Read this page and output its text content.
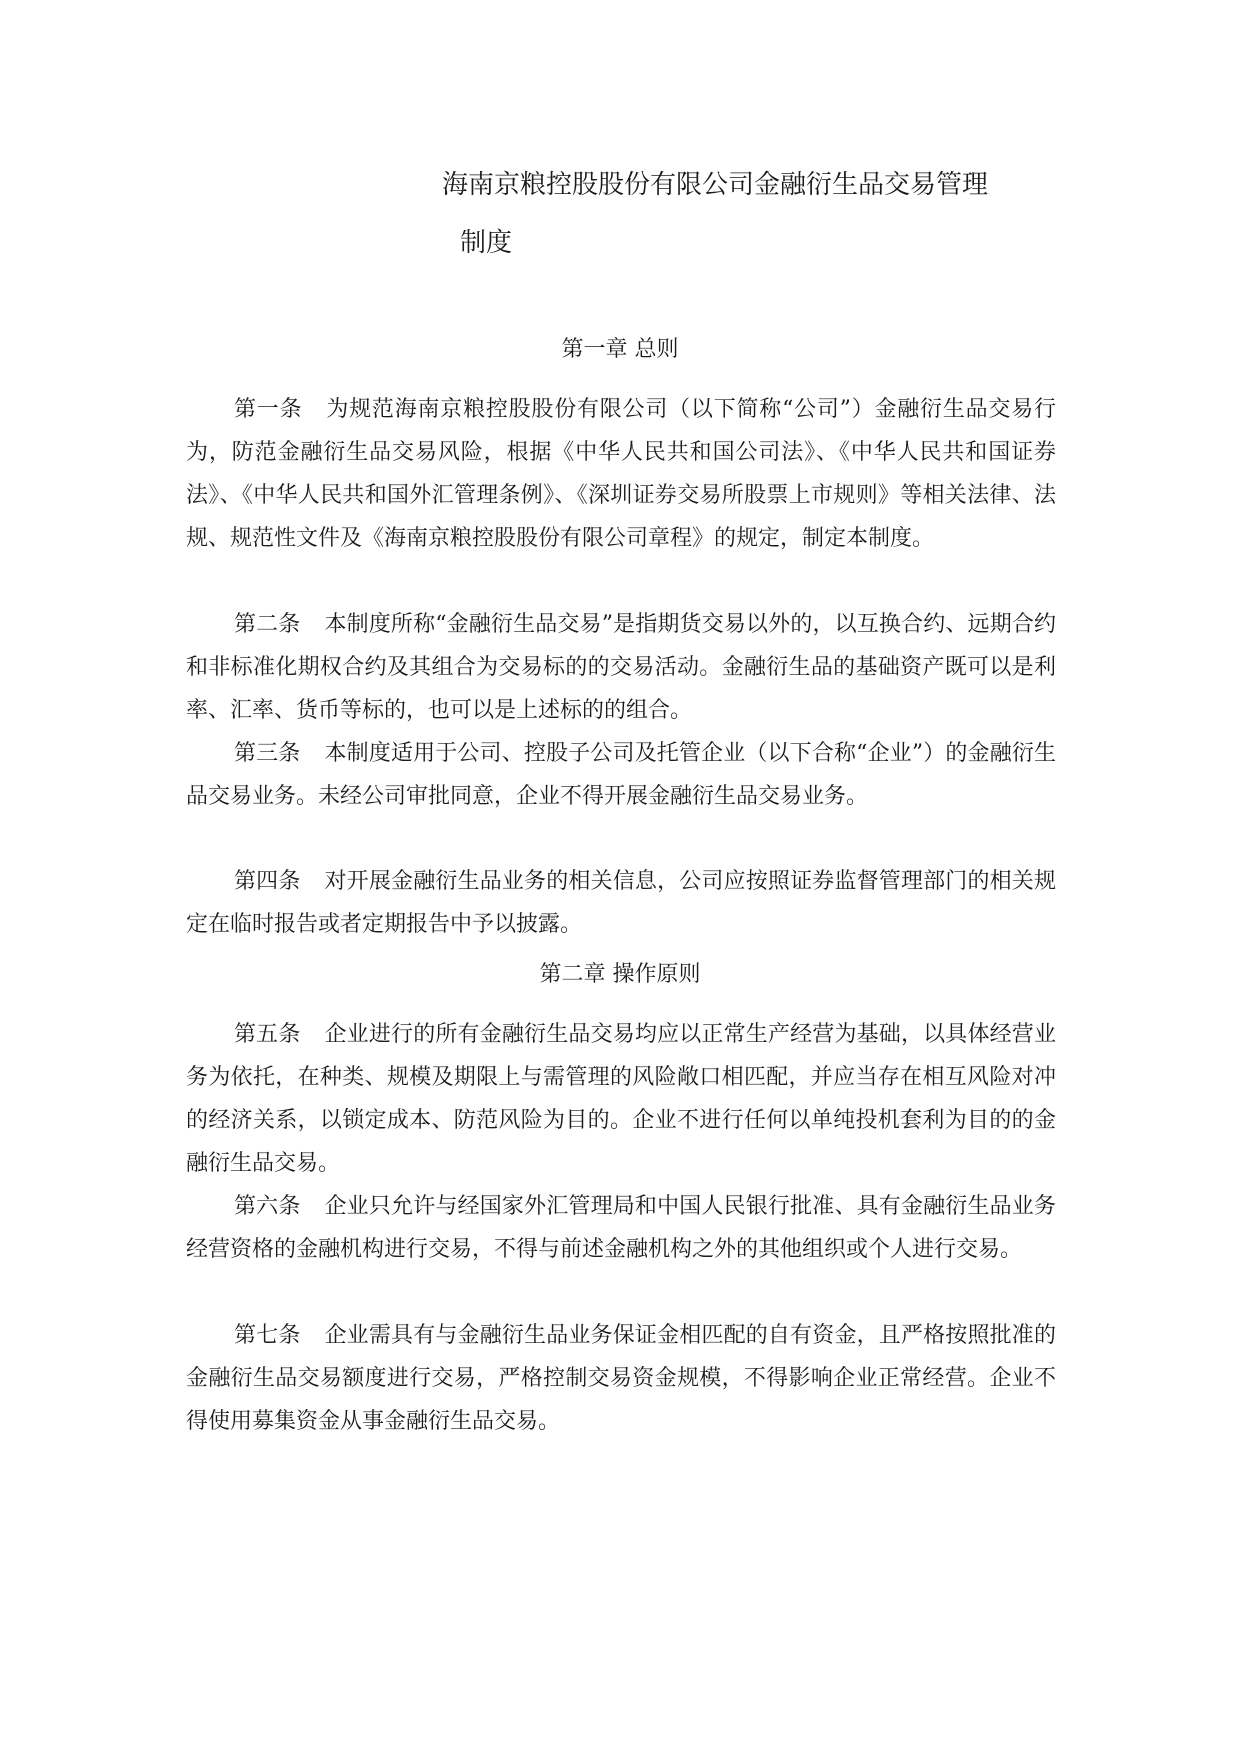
海南京粮控股股份有限公司金融衍生品交易管理
制度
第一章 总则

第一条 为规范海南京粮控股股份有限公司（以下简称“公司”）金融衍生品交易行为，防范金融衍生品交易风险，根据《中华人民共和国公司法》、《中华人民共和国证券法》、《中华人民共和国外汇管理条例》、《深圳证券交易所股票上市规则》等相关法律、法规、规范性文件及《海南京粮控股股份有限公司章程》的规定，制定本制度。

第二条 本制度所称“金融衍生品交易”是指期货交易以外的，以互换合约、远期合约和非标准化期权合约及其组合为交易标的的交易活动。金融衍生品的基础资产既可以是利率、汇率、货币等标的，也可以是上述标的的组合。

第三条 本制度适用于公司、控股子公司及托管企业（以下合称“企业”）的金融衍生品交易业务。未经公司审批同意，企业不得开展金融衍生品交易业务。

第四条 对开展金融衍生品业务的相关信息，公司应按照证券监督管理部门的相关规定在临时报告或者定期报告中予以披露。

第二章 操作原则

第五条 企业进行的所有金融衍生品交易均应以正常生产经营为基础，以具体经营业务为依托，在种类、规模及期限上与需管理的风险敞口相匹配，并应当存在相互风险对冲的经济关系，以锁定成本、防范风险为目的。企业不进行任何以单纯投机套利为目的的金融衍生品交易。

第六条 企业只允许与经国家外汇管理局和中国人民银行批准、具有金融衍生品业务经营资格的金融机构进行交易，不得与前述金融机构之外的其他组织或个人进行交易。

第七条 企业需具有与金融衍生品业务保证金相匹配的自有资金，且严格按照批准的金融衍生品交易额度进行交易，严格控制交易资金规模，不得影响企业正常经营。企业不得使用募集资金从事金融衍生品交易。
